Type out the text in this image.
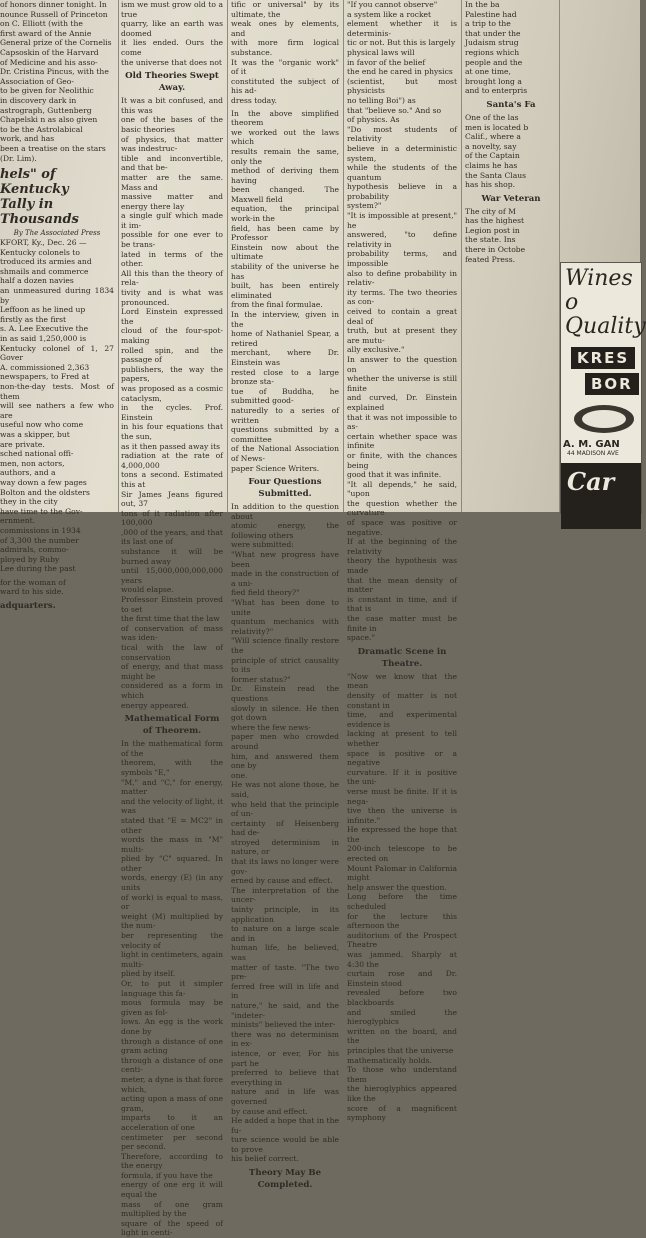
of honors dinner tonight. In
nounce Russell of Princeton
on C. Elliott (with the
first award of the Annie
General prize of the Cornelis
Capsoskin of the Harvard
of Medicine and his asso-
Dr. Cristina Pincus, with the
Association of Geo-
to be given for Neolithic
in discovery dark in
astrograph, Guttenberg
Chapelski n as also given
to be the Astrolabical
work, and has
been a treatise on the stars
(Dr. Lim).
hels" of Kentucky
Tally in Thousands
By The Associated Press
KFORT, Ky., Dec. 26 —
Kentucky colonels to
troduced its armies and
shmails and commerce
half a dozen navies
an unmeasured during 1834 by
Leffoon as he lined up
firstly as the first
s. A. Lee Executive the
in as said 1,250,000 is
Kentucky colonel of 1, 27 Gover
A. commissioned 2,363
newspapers, to Fred at
non-the-day tests. Most of them
will see nathers a few who are
useful now who come
was a skipper, but
are private.
sched national offi-
men, non actors,
authors, and a
way down a few pages
Bolton and the oldsters
they in the city
have time to the Gov-
ernment.
commissions in 1934
of 3,300 the number
admirals, commo-
ployed by Ruby
Lee during the past
for the woman of
ward to his side.
adquarters.
ism we must grow old to a true
quarry, like an earth was doomed
it lies ended. Ours the come
the universe that does not
Old Theories Swept Away.
It was a bit confused, and this was
one of the bases of the basic theories
of physics, that matter was indestruc-
tible and inconvertible, and that be-
matter are the same. Mass and
massive matter and energy there lay
a single gulf which made it im-
possible for one ever to be trans-
lated in terms of the other.
All this than the theory of rela-
tivity and is what was pronounced.
Lord Einstein expressed the
cloud of the four-spot-making
rolled spin, and the passage of
publishers, the way the papers,
was proposed as a cosmic cataclysm,
in the cycles. Prof. Einstein
in his four equations that the sun,
as it then passed away its
radiation at the rate of 4,000,000
tons a second. Estimated this at
Sir James Jeans figured out, 37
tons of it radiation after 100,000
,000 of the years, and that its last one of
substance it will be burned away
until 15,000,000,000,000 years
would elapse.
Professor Einstein proved to set
the first time that the law
of conservation of mass was iden-
tical with the law of conservation
of energy, and that mass might be
considered as a form in which
energy appeared.
Mathematical Form of Theorem.
In the mathematical form of the
theorem, with the symbols "E,"
"M," and "C," for energy, matter
and the velocity of light, it was
stated that "E = MC2" in other
words the mass in "M" multi-
plied by "C" squared. In other
words, energy (E) (in any units
of work) is equal to mass, or
weight (M) multiplied by the num-
ber representing the velocity of
light in centimeters, again multi-
plied by itself.
Or, to put it simpler language this fa-
mous formula may be given as fol-
lows. An egg is the work done by
through a distance of one gram acting
through a distance of one centi-
meter, a dyne is that force which,
acting upon a mass of one gram,
imparts to it an acceleration of one
centimeter per second per second.
Therefore, according to the energy
formula, if you have the
energy of one erg it will equal the
mass of one gram multiplied by the
square of the speed of light in centi-
tific or universal" by its ultimate, the
weak ones by elements, and
with more firm logical substance.
It was the "organic work" of it
constituted the subject of his ad-
dress today.
In the above simplified theorem
we worked out the laws which
results remain the same, only the
method of deriving them having
been changed. The Maxwell field
equation, the principal work-in the
field, has been came by Professor
Einstein now about the ultimate
stability of the universe he has
built, has been entirely eliminated
from the final formulae.
In the interview, given in the
home of Nathaniel Spear, a retired
merchant, where Dr. Einstein was
rested close to a large bronze sta-
tue of Buddha, he submitted good-
naturedly to a series of written
questions submitted by a committee
of the National Association of News-
paper Science Writers.
Four Questions Submitted.
In addition to the question about
atomic energy, the following others
were submitted:
"What new progress have been
made in the construction of a uni-
fied field theory?"
"What has been done to unite
quantum mechanics with relativity?"
"Will science finally restore the
principle of strict causality to its
former status?"
Dr. Einstein read the questions
slowly in silence. He then got down
where the few news-
paper men who crowded around
him, and answered them one by
one.
He was not alone those, he said,
who held that the principle of un-
certainty of Heisenberg had de-
stroyed determinism in nature, or
that its laws no longer were gov-
erned by cause and effect.
The interpretation of the uncer-
tainty principle, in its application
to nature on a large scale and in
human life, he believed, was
matter of taste. "The two pre-
ferred free will in life and in
nature," he said, and the "indeter-
minists" believed the inter-
there was no determinism in ex-
istence, or ever, For his part he
preferred to believe that everything in
nature and in life was governed
by cause and effect.
He added a hope that in the fu-
ture science would be able to prove
his belief correct.
Theory May Be Completed.
"If you cannot observe"
a system like a rocket
element whether it is determinis-
tic or not. But this is largely
physical laws will
in favor of the belief
the end he cared in physics
(scientist, but most physicists
no telling Boi") as
that "believe so." And so
of physics. As
"Do most students of relativity
believe in a deterministic system,
while the students of the quantum
hypothesis believe in a probability
system?"
"It is impossible at present," he
answered, "to define relativity in
probability terms, and impossible
also to define probability in relativ-
ity terms. The two theories as con-
ceived to contain a great deal of
truth, but at present they are mutu-
ally exclusive."
In answer to the question on
whether the universe is still finite
and curved, Dr. Einstein explained
that it was not impossible to as-
certain whether space was infinite
or finite, with the chances being
good that it was infinite.
"It all depends," he said, "upon
the question whether the curvature
of space was positive or negative.
If at the beginning of the relativity
theory the hypothesis was made
that the mean density of matter
is constant in time, and if that is
the case matter must be finite in
space."
Dramatic Scene in Theatre.
"Now we know that the mean
density of matter is not constant in
time, and experimental evidence is
lacking at present to tell whether
space is positive or a negative
curvature. If it is positive the uni-
verse must be finite. If it is nega-
tive then the universe is infinite."
He expressed the hope that the
200-inch telescope to be erected on
Mount Palomar in California might
help answer the question.
Long before the time scheduled
for the lecture this afternoon the
auditorium of the Prospect Theatre
was jammed. Sharply at 4:30 the
curtain rose and Dr. Einstein stood
revealed before two blackboards
and smiled the hieroglyphics
written on the board, and the
principles that the universe
mathematically holds.
To those who understand them
the hieroglyphics appeared like the
score of a magnificent symphony
In the ba
Palestine had
a trip to the
that under the
Judaism strug
regions which
people and the
at one time,
brought long a
and to enterpris
Santa's Fa
One of the las
men is located b
Calif., where a
a novelty, say
of the Captain
claims he has
the Santa Claus
has his shop.
War Veteran
The city of M
has the highest
Legion post in
the state. Ins
there in Octobe
feated Press.
Wines o
Quality
KRES
BOR
A. M. GAN
44 MADISON AVE
Car
